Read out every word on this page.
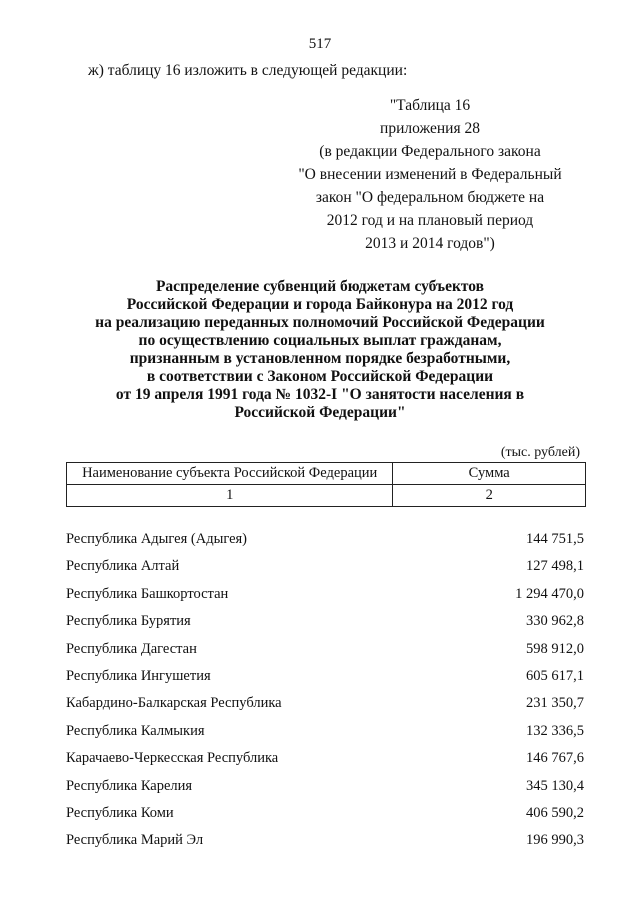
517
ж) таблицу 16 изложить в следующей редакции:
"Таблица 16
приложения 28
(в редакции Федерального закона
"О внесении изменений в Федеральный
закон "О федеральном бюджете на
2012 год и на плановый период
2013 и 2014 годов")
Распределение субвенций бюджетам субъектов
Российской Федерации и города Байконура на 2012 год
на реализацию переданных полномочий Российской Федерации
по осуществлению социальных выплат гражданам,
признанным в установленном порядке безработными,
в соответствии с Законом Российской Федерации
от 19 апреля 1991 года № 1032-I "О занятости населения в
Российской Федерации"
(тыс. рублей)
Наименование субъекта Российской Федерации	Сумма
1	2
Республика Адыгея (Адыгея)	144 751,5
Республика Алтай	127 498,1
Республика Башкортостан	1 294 470,0
Республика Бурятия	330 962,8
Республика Дагестан	598 912,0
Республика Ингушетия	605 617,1
Кабардино-Балкарская Республика	231 350,7
Республика Калмыкия	132 336,5
Карачаево-Черкесская Республика	146 767,6
Республика Карелия	345 130,4
Республика Коми	406 590,2
Республика Марий Эл	196 990,3
